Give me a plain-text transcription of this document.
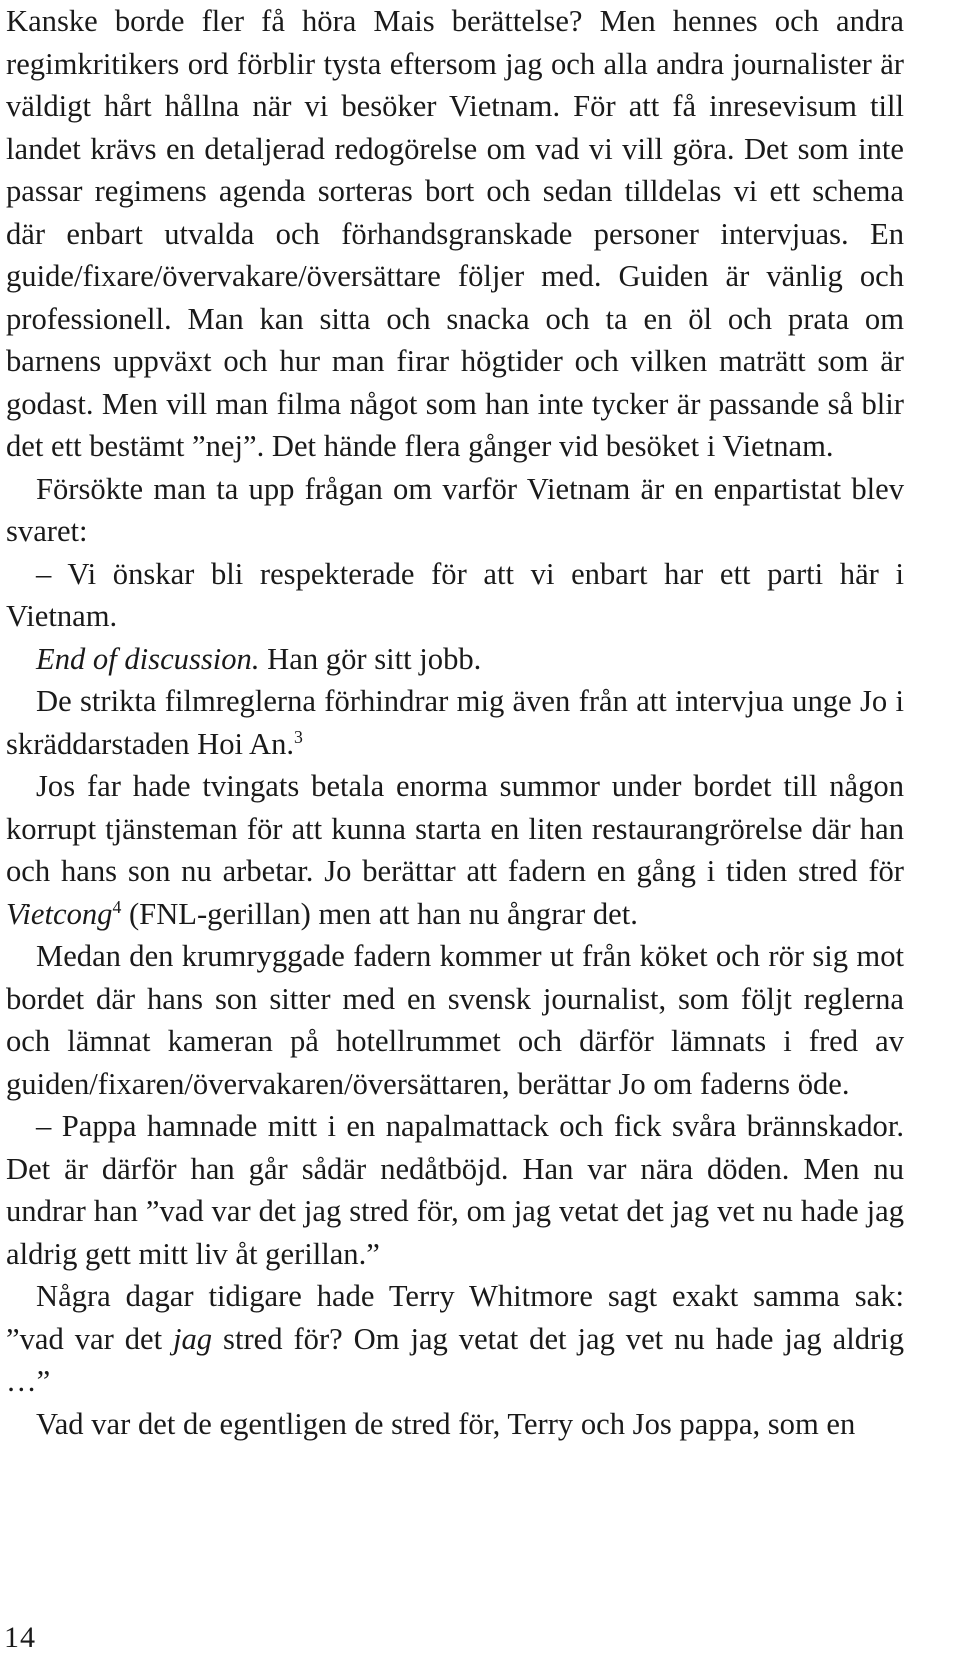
Kanske borde fler få höra Mais berättelse? Men hennes och andra regimkritikers ord förblir tysta eftersom jag och alla andra journalister är väldigt hårt hållna när vi besöker Vietnam. För att få inresevisum till landet krävs en detaljerad redogörelse om vad vi vill göra. Det som inte passar regimens agenda sorteras bort och sedan tilldelas vi ett schema där enbart utvalda och förhandsgranskade personer intervjuas. En guide/fixare/övervakare/översättare följer med. Guiden är vänlig och professionell. Man kan sitta och snacka och ta en öl och prata om barnens uppväxt och hur man firar högtider och vilken maträtt som är godast. Men vill man filma något som han inte tycker är passande så blir det ett bestämt ”nej”. Det hände flera gånger vid besöket i Vietnam.

Försökte man ta upp frågan om varför Vietnam är en enpartistat blev svaret:

– Vi önskar bli respekterade för att vi enbart har ett parti här i Vietnam.

End of discussion. Han gör sitt jobb.

De strikta filmreglerna förhindrar mig även från att intervjua unge Jo i skräddarstaden Hoi An.$^3$

Jos far hade tvingats betala enorma summor under bordet till någon korrupt tjänsteman för att kunna starta en liten restaurangrörelse där han och hans son nu arbetar. Jo berättar att fadern en gång i tiden stred för Vietcong$^4$ (FNL-gerillan) men att han nu ångrar det.

Medan den krumryggade fadern kommer ut från köket och rör sig mot bordet där hans son sitter med en svensk journalist, som följt reglerna och lämnat kameran på hotellrummet och därför lämnats i fred av guiden/fixaren/övervakaren/översättaren, berättar Jo om faderns öde.

– Pappa hamnade mitt i en napalmattack och fick svåra brännskador. Det är därför han går sådär nedåtböjd. Han var nära döden. Men nu undrar han ”vad var det jag stred för, om jag vetat det jag vet nu hade jag aldrig gett mitt liv åt gerillan.”

Några dagar tidigare hade Terry Whitmore sagt exakt samma sak: ”vad var det jag stred för? Om jag vetat det jag vet nu hade jag aldrig …”

Vad var det de egentligen de stred för, Terry och Jos pappa, som en

14
